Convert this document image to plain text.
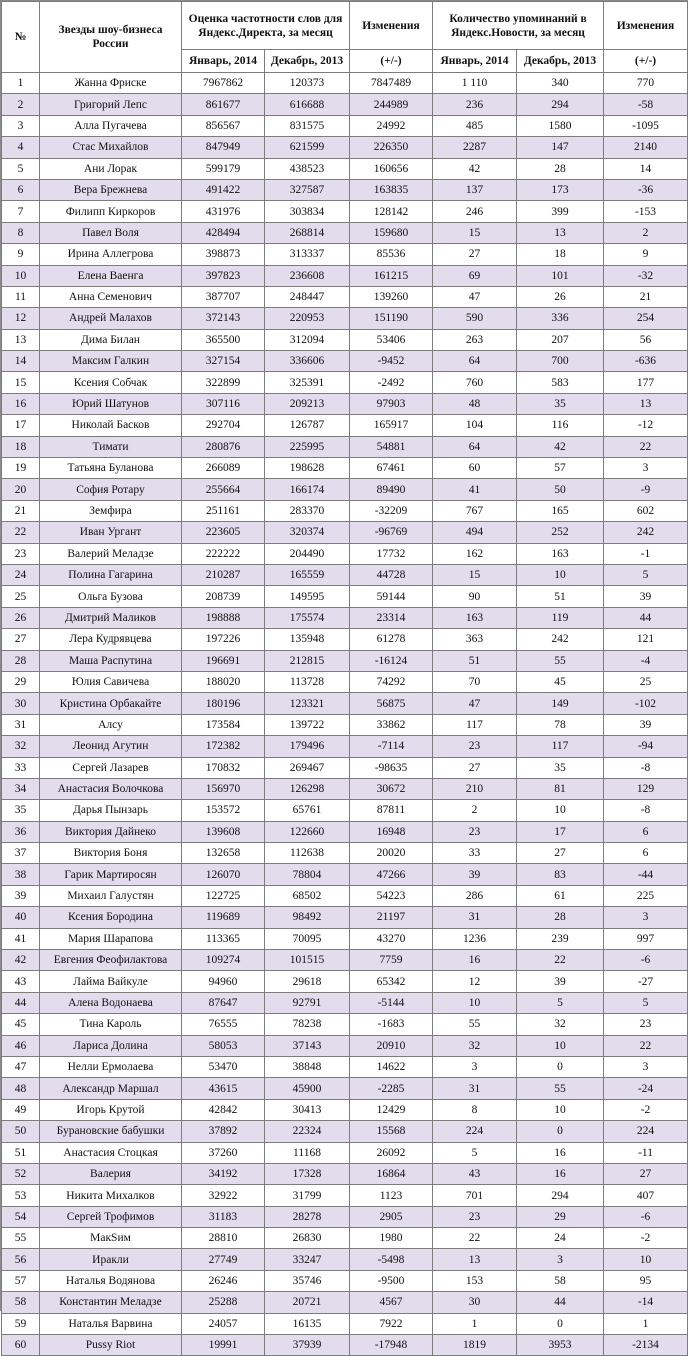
№	Звезды шоу-бизнеса России	Оценка частотности слов для Яндекс.Директа, за месяц		Изменения	Количество упоминаний в Яндекс.Новости, за месяц		Изменения
		Январь, 2014	Декабрь, 2013	(+/-)	Январь, 2014	Декабрь, 2013	(+/-)
1	Жанна Фриске	7967862	120373	7847489	1 110	340	770
2	Григорий Лепс	861677	616688	244989	236	294	-58
3	Алла Пугачева	856567	831575	24992	485	1580	-1095
4	Стас Михайлов	847949	621599	226350	2287	147	2140
5	Ани Лорак	599179	438523	160656	42	28	14
6	Вера Брежнева	491422	327587	163835	137	173	-36
7	Филипп Киркоров	431976	303834	128142	246	399	-153
8	Павел Воля	428494	268814	159680	15	13	2
9	Ирина Аллегрова	398873	313337	85536	27	18	9
10	Елена Ваенга	397823	236608	161215	69	101	-32
11	Анна Семенович	387707	248447	139260	47	26	21
12	Андрей Малахов	372143	220953	151190	590	336	254
13	Дима Билан	365500	312094	53406	263	207	56
14	Максим Галкин	327154	336606	-9452	64	700	-636
15	Ксения Собчак	322899	325391	-2492	760	583	177
16	Юрий Шатунов	307116	209213	97903	48	35	13
17	Николай Басков	292704	126787	165917	104	116	-12
18	Тимати	280876	225995	54881	64	42	22
19	Татьяна Буланова	266089	198628	67461	60	57	3
20	София Ротару	255664	166174	89490	41	50	-9
21	Земфира	251161	283370	-32209	767	165	602
22	Иван Ургант	223605	320374	-96769	494	252	242
23	Валерий Меладзе	222222	204490	17732	162	163	-1
24	Полина Гагарина	210287	165559	44728	15	10	5
25	Ольга Бузова	208739	149595	59144	90	51	39
26	Дмитрий Маликов	198888	175574	23314	163	119	44
27	Лера Кудрявцева	197226	135948	61278	363	242	121
28	Маша Распутина	196691	212815	-16124	51	55	-4
29	Юлия Савичева	188020	113728	74292	70	45	25
30	Кристина Орбакайте	180196	123321	56875	47	149	-102
31	Алсу	173584	139722	33862	117	78	39
32	Леонид Агутин	172382	179496	-7114	23	117	-94
33	Сергей Лазарев	170832	269467	-98635	27	35	-8
34	Анастасия Волочкова	156970	126298	30672	210	81	129
35	Дарья Пынзарь	153572	65761	87811	2	10	-8
36	Виктория Дайнеко	139608	122660	16948	23	17	6
37	Виктория Боня	132658	112638	20020	33	27	6
38	Гарик Мартиросян	126070	78804	47266	39	83	-44
39	Михаил Галустян	122725	68502	54223	286	61	225
40	Ксения Бородина	119689	98492	21197	31	28	3
41	Мария Шарапова	113365	70095	43270	1236	239	997
42	Евгения Феофилактова	109274	101515	7759	16	22	-6
43	Лайма Вайкуле	94960	29618	65342	12	39	-27
44	Алена Водонаева	87647	92791	-5144	10	5	5
45	Тина Кароль	76555	78238	-1683	55	32	23
46	Лариса Долина	58053	37143	20910	32	10	22
47	Нелли Ермолаева	53470	38848	14622	3	0	3
48	Александр Маршал	43615	45900	-2285	31	55	-24
49	Игорь Крутой	42842	30413	12429	8	10	-2
50	Бурановские бабушки	37892	22324	15568	224	0	224
51	Анастасия Стоцкая	37260	11168	26092	5	16	-11
52	Валерия	34192	17328	16864	43	16	27
53	Никита Михалков	32922	31799	1123	701	294	407
54	Сергей Трофимов	31183	28278	2905	23	29	-6
55	МакSим	28810	26830	1980	22	24	-2
56	Иракли	27749	33247	-5498	13	3	10
57	Наталья Водянова	26246	35746	-9500	153	58	95
58	Константин Меладзе	25288	20721	4567	30	44	-14
59	Наталья Варвина	24057	16135	7922	1	0	1
60	Pussy Riot	19991	37939	-17948	1819	3953	-2134
